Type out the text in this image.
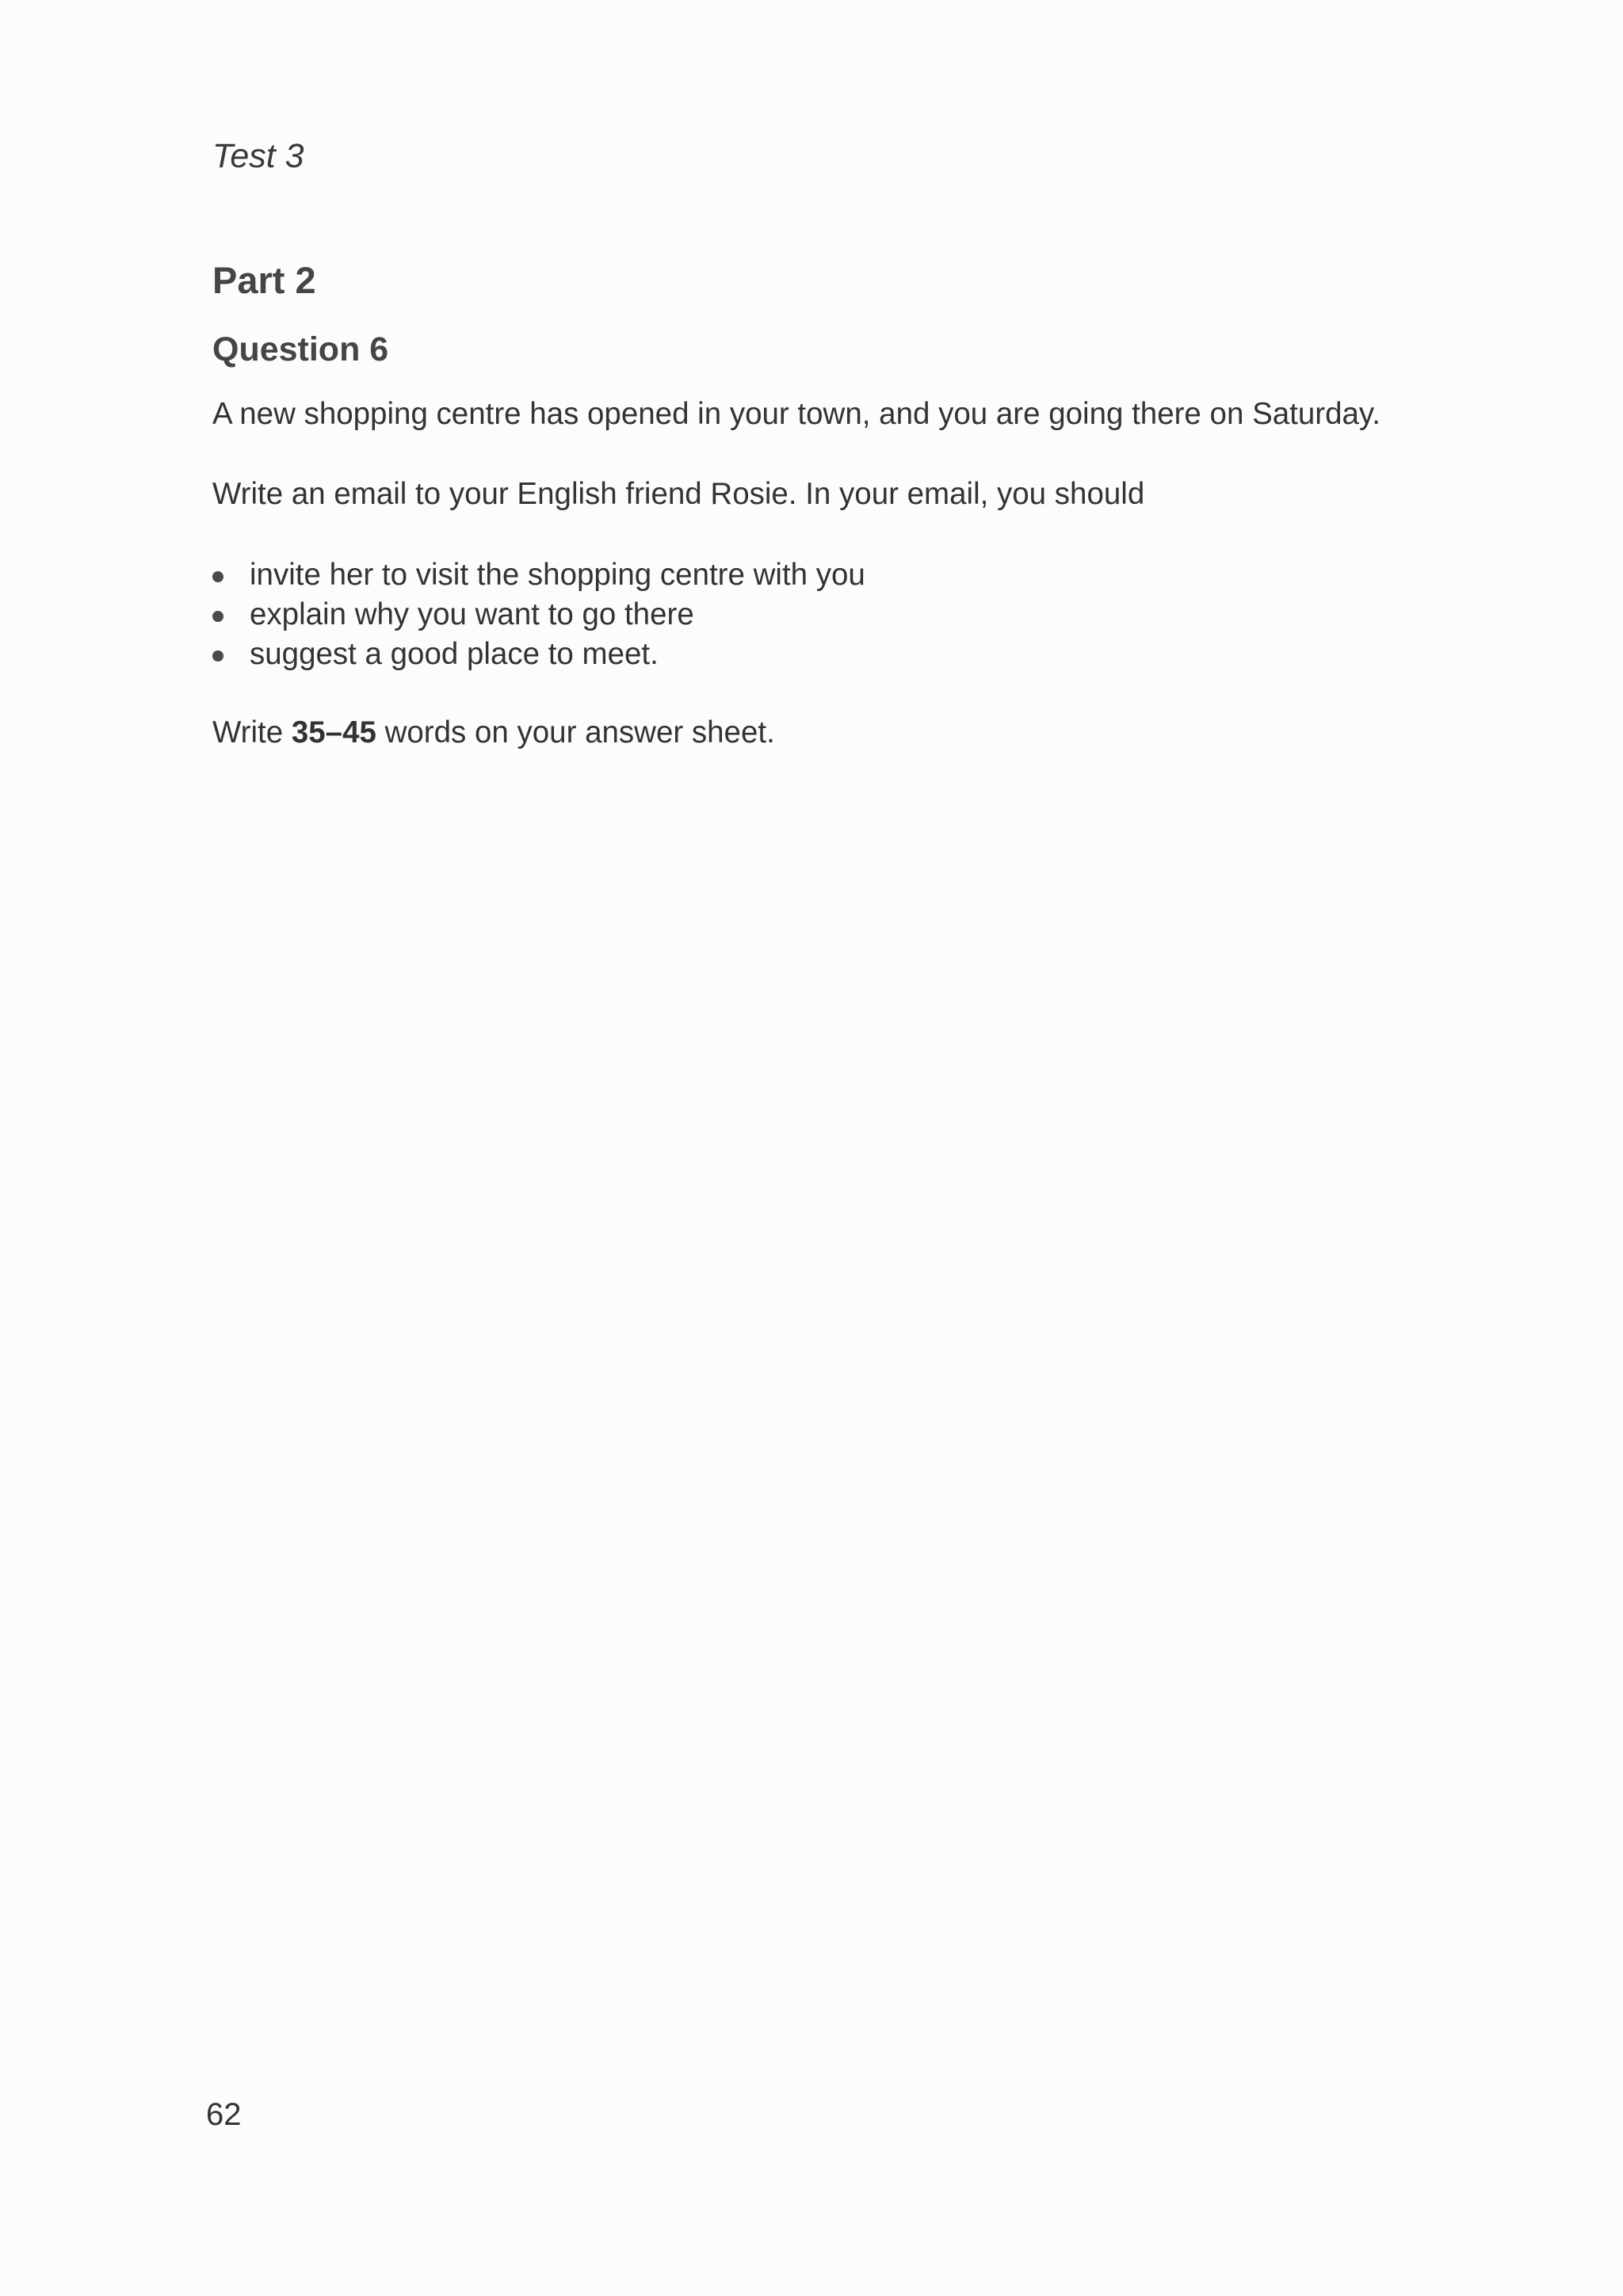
Test 3

Part 2
Question 6

A new shopping centre has opened in your town, and you are going there on Saturday.

Write an email to your English friend Rosie. In your email, you should

invite her to visit the shopping centre with you
explain why you want to go there
suggest a good place to meet.

Write 35–45 words on your answer sheet.

62
